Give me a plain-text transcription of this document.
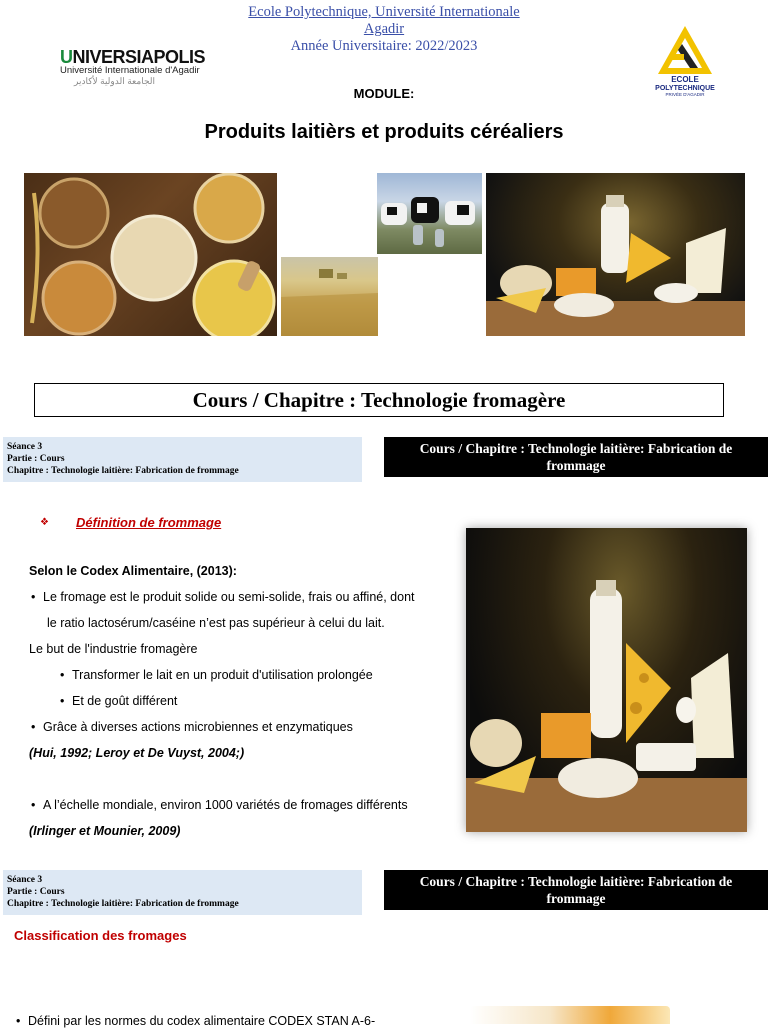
Ecole Polytechnique, Université Internationale
Agadir
Année Universitaire: 2022/2023
UNIVERSIAPOLIS
Université Internationale d'Agadir
الجامعة الدولية لأكادير	ECOLE
POLYTECHNIQUE
PRIVÉE D'AGADIR
MODULE:
Produits laitièrs et produits céréaliers
Cours / Chapitre : Technologie fromagère
Séance 3
Partie : Cours
Chapitre : Technologie laitière: Fabrication de frommage
Cours / Chapitre : Technologie laitière: Fabrication de frommage
❖ Définition de frommage
Selon le Codex Alimentaire, (2013):
• Le fromage est le produit solide ou semi-solide, frais ou affiné, dont
le ratio lactosérum/caséine n’est pas supérieur à celui du lait.
Le but de l'industrie fromagère
• Transformer le lait en un produit d'utilisation prolongée
• Et de goût différent
• Grâce à diverses actions microbiennes et enzymatiques
(Hui, 1992; Leroy et De Vuyst, 2004;)
• A l’échelle mondiale, environ 1000 variétés de fromages différents
(Irlinger et Mounier, 2009)
Séance 3
Partie : Cours
Chapitre : Technologie laitière: Fabrication de frommage
Cours / Chapitre : Technologie laitière: Fabrication de frommage
Classification des fromages
• Défini par les normes du codex alimentaire CODEX STAN A-6-
